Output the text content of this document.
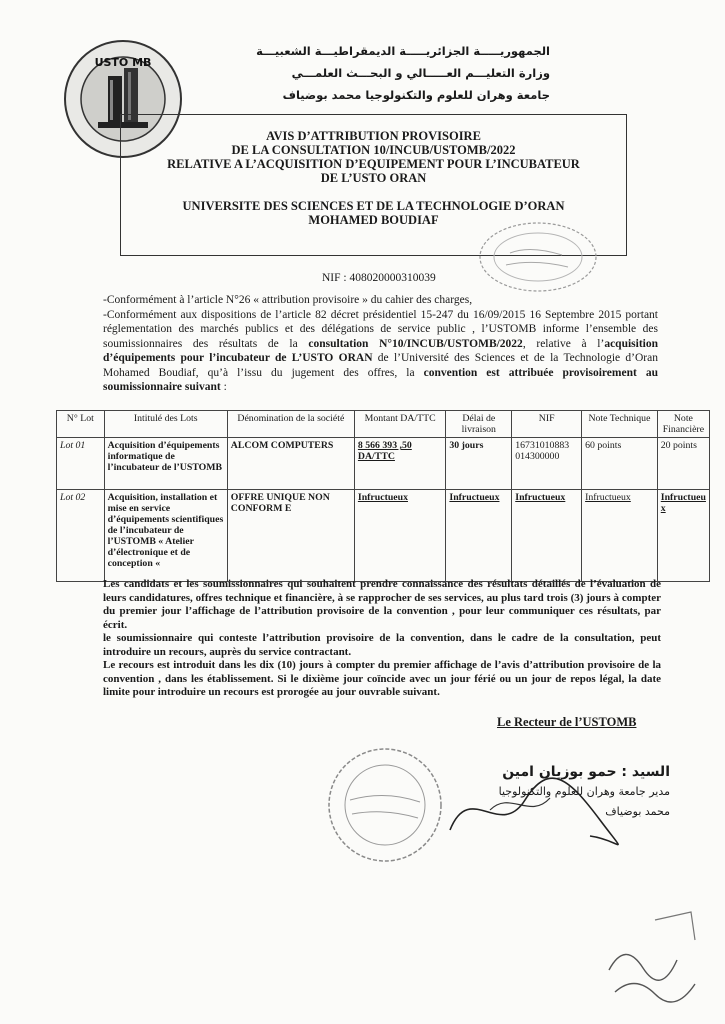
USTO MB
الجمهوريـــــة الجزائريـــــة الديمقراطيـــة الشعبيـــة
وزارة التعليـــم العـــــالي و البحـــث العلمـــي
جامعة وهران للعلوم والتكنولوجيا محمد بوضياف
AVIS D’ATTRIBUTION PROVISOIRE
DE LA CONSULTATION 10/INCUB/USTOMB/2022
RELATIVE A L’ACQUISITION D’EQUIPEMENT POUR L’INCUBATEUR
DE L’USTO ORAN
UNIVERSITE DES SCIENCES ET DE LA TECHNOLOGIE D’ORAN
MOHAMED BOUDIAF
NIF : 408020000310039

-Conformément à l’article N°26 « attribution provisoire » du cahier des charges,

-Conformément aux dispositions de l’article 82 décret présidentiel 15-247 du 16/09/2015 16 Septembre 2015 portant réglementation des marchés publics et des délégations de service public , l’USTOMB informe l’ensemble des soumissionnaires des résultats de la consultation N°10/INCUB/USTOMB/2022, relative à l’acquisition d’équipements pour l’incubateur de L’USTO ORAN de l’Université des Sciences et de la Technologie d’Oran Mohamed Boudiaf, qu’à l’issu du jugement des offres, la convention est attribuée provisoirement au soumissionnaire suivant :

N° Lot	Intitulé des Lots	Dénomination de la société	Montant DA/TTC	Délai de livraison	NIF	Note Technique	Note Financière
Lot 01	Acquisition d’équipements informatique de l’incubateur de l’USTOMB	ALCOM COMPUTERS	8 566 393 ,50 DA/TTC	30 jours	16731010883 014300000	60 points	20 points
Lot 02	Acquisition, installation et mise en service d’équipements scientifiques de l’incubateur de l’USTOMB « Atelier d’électronique et de conception «	OFFRE UNIQUE NON CONFORM E	Infructueux	Infructueux	Infructueux	Infructueux	Infructueu x

Les candidats et les soumissionnaires qui souhaitent prendre connaissance des résultats détaillés de l’évaluation de leurs candidatures, offres technique et financière, à se rapprocher de ses services, au plus tard trois (3) jours à compter du premier jour l’affichage de l’attribution provisoire de la convention , pour leur communiquer ces résultats, par écrit.

le soumissionnaire qui conteste l’attribution provisoire de la convention, dans le cadre de la consultation, peut introduire un recours, auprès du service contractant.

Le recours est introduit dans les dix (10) jours à compter du premier affichage de l’avis d’attribution provisoire de la convention , dans les établissement. Si le dixième jour coïncide avec un jour férié ou un jour de repos légal, la date limite pour introduire un recours est prorogée au jour ouvrable suivant.

Le Recteur de l’USTOMB
السيد : حمو بوزيان امين
مدير جامعة وهران للعلوم والتكنولوجيا
محمد بوضياف
